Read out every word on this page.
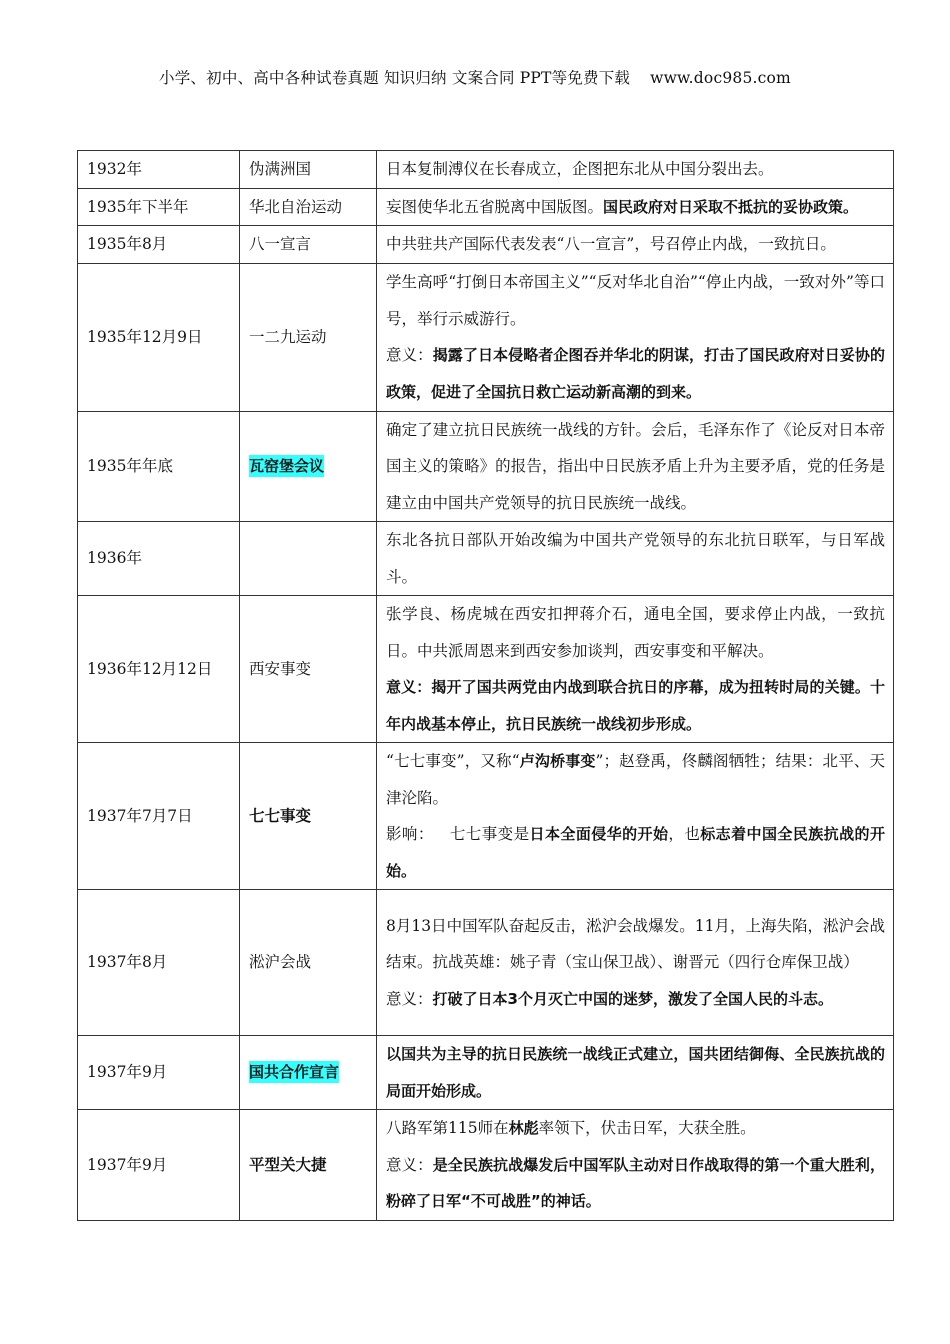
小学、初中、高中各种试卷真题 知识归纳 文案合同 PPT等免费下载 www.doc985.com
1932年	伪满洲国	日本复制溥仪在长春成立，企图把东北从中国分裂出去。
1935年下半年	华北自治运动	妄图使华北五省脱离中国版图。国民政府对日采取不抵抗的妥协政策。
1935年8月	八一宣言	中共驻共产国际代表发表“八一宣言”，号召停止内战，一致抗日。
1935年12月9日	一二九运动	学生高呼“打倒日本帝国主义”“反对华北自治”“停止内战，一致对外”等口号，举行示威游行。
意义：揭露了日本侵略者企图吞并华北的阴谋，打击了国民政府对日妥协的政策，促进了全国抗日救亡运动新高潮的到来。

1935年年底	瓦窑堡会议	确定了建立抗日民族统一战线的方针。会后，毛泽东作了《论反对日本帝国主义的策略》的报告，指出中日民族矛盾上升为主要矛盾，党的任务是建立由中国共产党领导的抗日民族统一战线。
1936年		东北各抗日部队开始改编为中国共产党领导的东北抗日联军，与日军战斗。
1936年12月12日	西安事变	张学良、杨虎城在西安扣押蒋介石，通电全国，要求停止内战，一致抗日。中共派周恩来到西安参加谈判，西安事变和平解决。
意义：揭开了国共两党由内战到联合抗日的序幕，成为扭转时局的关键。十年内战基本停止，抗日民族统一战线初步形成。

1937年7月7日	七七事变	“七七事变”，又称“卢沟桥事变”；赵登禹，佟麟阁牺牲；结果：北平、天津沦陷。
影响： 七七事变是日本全面侵华的开始，也标志着中国全民族抗战的开始。

1937年8月	淞沪会战	8月13日中国军队奋起反击，淞沪会战爆发。11月，上海失陷，淞沪会战结束。抗战英雄：姚子青（宝山保卫战）、谢晋元（四行仓库保卫战）
意义：打破了日本3个月灭亡中国的迷梦，激发了全国人民的斗志。

1937年9月	国共合作宣言	以国共为主导的抗日民族统一战线正式建立，国共团结御侮、全民族抗战的局面开始形成。
1937年9月	平型关大捷	八路军第115师在林彪率领下，伏击日军，大获全胜。
意义：是全民族抗战爆发后中国军队主动对日作战取得的第一个重大胜利，粉碎了日军“不可战胜”的神话。
